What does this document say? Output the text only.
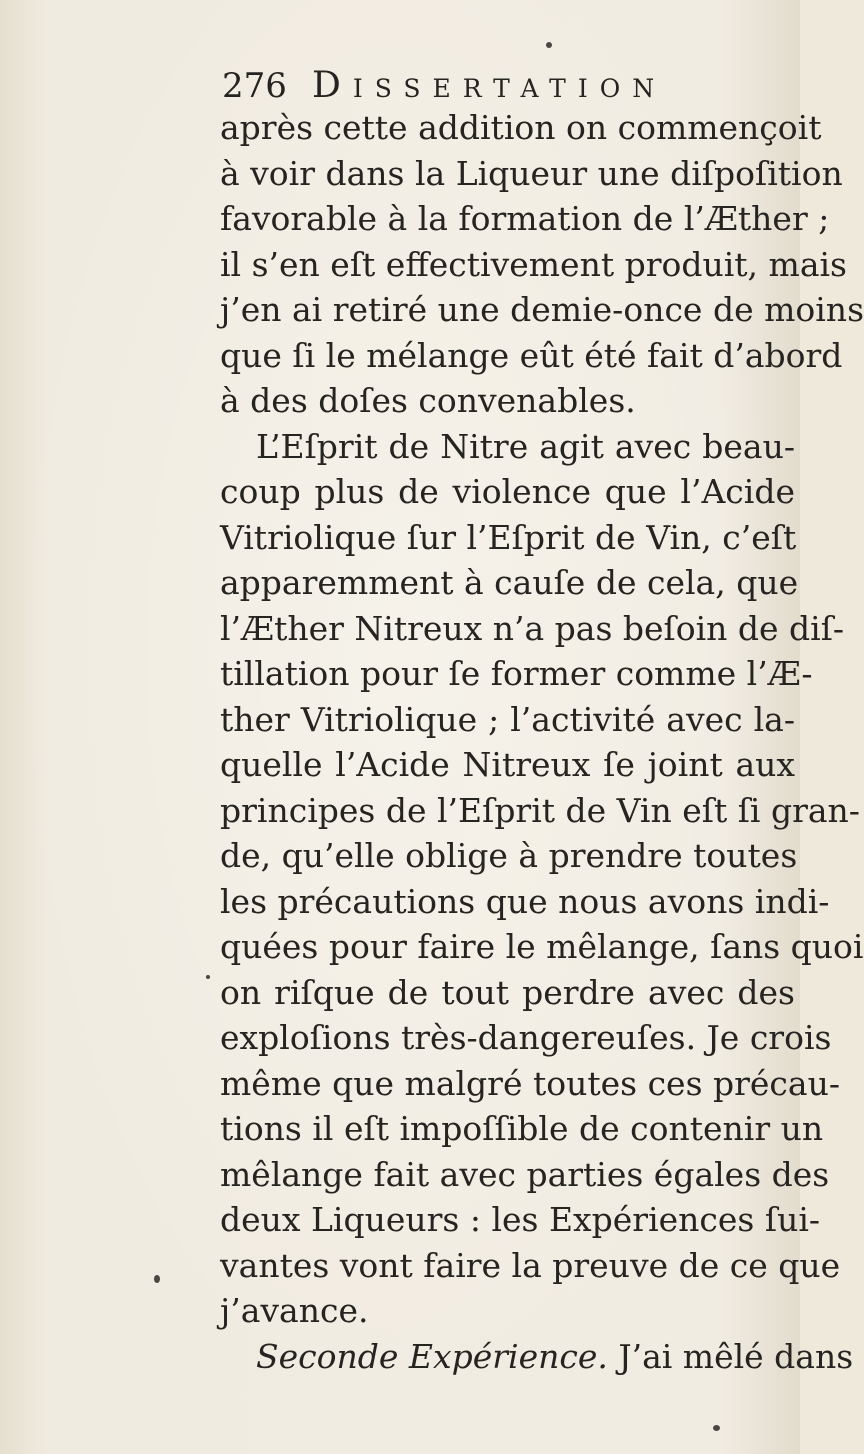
276 Dissertation
après cette addition on commençoit
à voir dans la Liqueur une diſpoſition
favorable à la formation de l’Æther ;
il s’en eſt effectivement produit, mais
j’en ai retiré une demie-once de moins
que ſi le mélange eût été fait d’abord
à des doſes convenables.
L’Eſprit de Nitre agit avec beau-
coup plus de violence que l’Acide
Vitriolique ſur l’Eſprit de Vin, c’eſt
apparemment à cauſe de cela, que
l’Æther Nitreux n’a pas beſoin de diſ-
tillation pour ſe former comme l’Æ-
ther Vitriolique ; l’activité avec la-
quelle l’Acide Nitreux ſe joint aux
principes de l’Eſprit de Vin eſt ſi gran-
de, qu’elle oblige à prendre toutes
les précautions que nous avons indi-
quées pour faire le mêlange, ſans quoi
on riſque de tout perdre avec des
exploſions très-dangereuſes. Je crois
même que malgré toutes ces précau-
tions il eſt impoſſible de contenir un
mêlange fait avec parties égales des
deux Liqueurs : les Expériences ſui-
vantes vont faire la preuve de ce que
j’avance.
Seconde Expérience. J’ai mêlé dans
